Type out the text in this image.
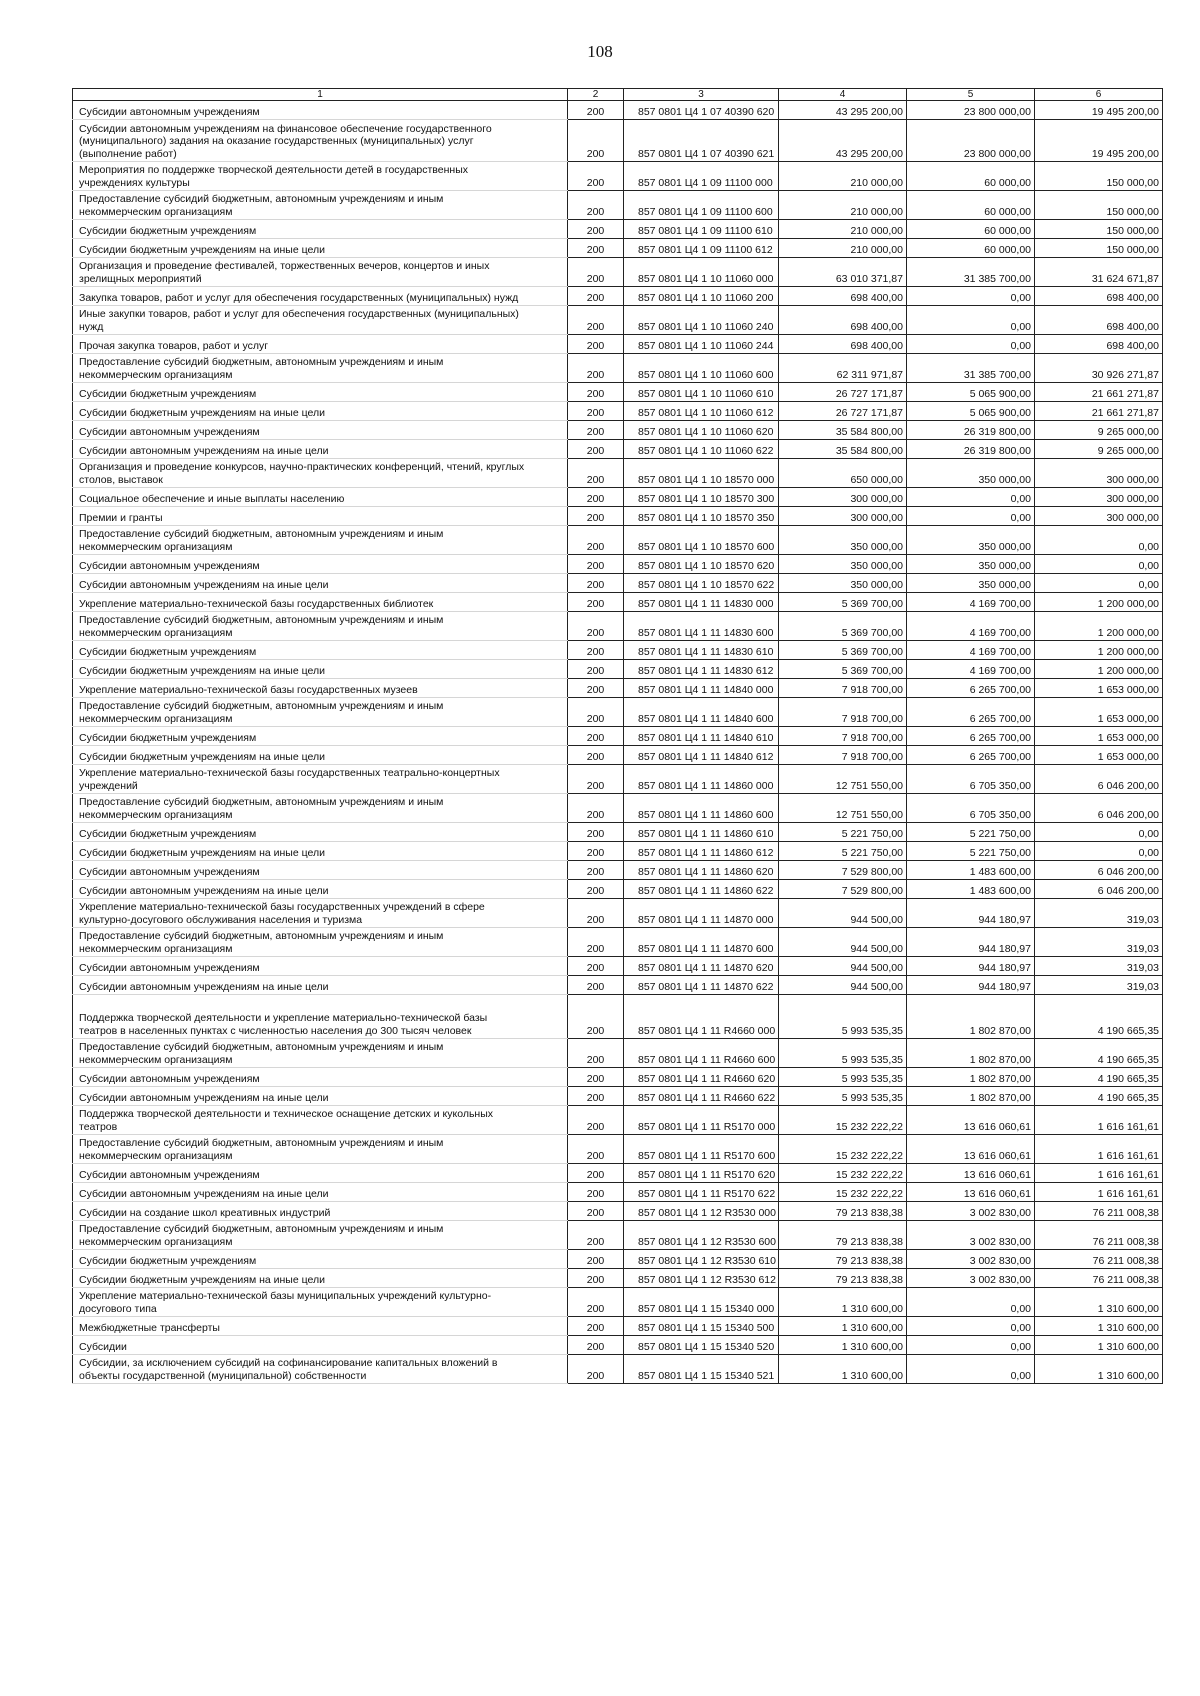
108
1	2	3	4	5	6

Субсидии автономным учреждениям	200	857 0801 Ц4 1 07 40390 620	43 295 200,00	23 800 000,00	19 495 200,00

Субсидии автономным учреждениям на финансовое обеспечение государственного
(муниципального) задания на оказание государственных (муниципальных) услуг
(выполнение работ)	200	857 0801 Ц4 1 07 40390 621	43 295 200,00	23 800 000,00	19 495 200,00

Мероприятия по поддержке творческой деятельности детей в государственных
учреждениях культуры	200	857 0801 Ц4 1 09 11100 000	210 000,00	60 000,00	150 000,00

Предоставление субсидий бюджетным, автономным учреждениям и иным
некоммерческим организациям	200	857 0801 Ц4 1 09 11100 600	210 000,00	60 000,00	150 000,00

Субсидии бюджетным учреждениям	200	857 0801 Ц4 1 09 11100 610	210 000,00	60 000,00	150 000,00

Субсидии бюджетным учреждениям на иные цели	200	857 0801 Ц4 1 09 11100 612	210 000,00	60 000,00	150 000,00

Организация и проведение фестивалей, торжественных вечеров, концертов и иных
зрелищных мероприятий	200	857 0801 Ц4 1 10 11060 000	63 010 371,87	31 385 700,00	31 624 671,87

Закупка товаров, работ и услуг для обеспечения государственных (муниципальных) нужд	200	857 0801 Ц4 1 10 11060 200	698 400,00	0,00	698 400,00

Иные закупки товаров, работ и услуг для обеспечения государственных (муниципальных)
нужд	200	857 0801 Ц4 1 10 11060 240	698 400,00	0,00	698 400,00

Прочая закупка товаров, работ и услуг	200	857 0801 Ц4 1 10 11060 244	698 400,00	0,00	698 400,00

Предоставление субсидий бюджетным, автономным учреждениям и иным
некоммерческим организациям	200	857 0801 Ц4 1 10 11060 600	62 311 971,87	31 385 700,00	30 926 271,87

Субсидии бюджетным учреждениям	200	857 0801 Ц4 1 10 11060 610	26 727 171,87	5 065 900,00	21 661 271,87

Субсидии бюджетным учреждениям на иные цели	200	857 0801 Ц4 1 10 11060 612	26 727 171,87	5 065 900,00	21 661 271,87

Субсидии автономным учреждениям	200	857 0801 Ц4 1 10 11060 620	35 584 800,00	26 319 800,00	9 265 000,00

Субсидии автономным учреждениям на иные цели	200	857 0801 Ц4 1 10 11060 622	35 584 800,00	26 319 800,00	9 265 000,00

Организация и проведение конкурсов, научно-практических конференций, чтений, круглых
столов, выставок	200	857 0801 Ц4 1 10 18570 000	650 000,00	350 000,00	300 000,00

Социальное обеспечение и иные выплаты населению	200	857 0801 Ц4 1 10 18570 300	300 000,00	0,00	300 000,00

Премии и гранты	200	857 0801 Ц4 1 10 18570 350	300 000,00	0,00	300 000,00

Предоставление субсидий бюджетным, автономным учреждениям и иным
некоммерческим организациям	200	857 0801 Ц4 1 10 18570 600	350 000,00	350 000,00	0,00

Субсидии автономным учреждениям	200	857 0801 Ц4 1 10 18570 620	350 000,00	350 000,00	0,00

Субсидии автономным учреждениям на иные цели	200	857 0801 Ц4 1 10 18570 622	350 000,00	350 000,00	0,00

Укрепление материально-технической базы государственных библиотек	200	857 0801 Ц4 1 11 14830 000	5 369 700,00	4 169 700,00	1 200 000,00

Предоставление субсидий бюджетным, автономным учреждениям и иным
некоммерческим организациям	200	857 0801 Ц4 1 11 14830 600	5 369 700,00	4 169 700,00	1 200 000,00

Субсидии бюджетным учреждениям	200	857 0801 Ц4 1 11 14830 610	5 369 700,00	4 169 700,00	1 200 000,00

Субсидии бюджетным учреждениям на иные цели	200	857 0801 Ц4 1 11 14830 612	5 369 700,00	4 169 700,00	1 200 000,00

Укрепление материально-технической базы государственных музеев	200	857 0801 Ц4 1 11 14840 000	7 918 700,00	6 265 700,00	1 653 000,00

Предоставление субсидий бюджетным, автономным учреждениям и иным
некоммерческим организациям	200	857 0801 Ц4 1 11 14840 600	7 918 700,00	6 265 700,00	1 653 000,00

Субсидии бюджетным учреждениям	200	857 0801 Ц4 1 11 14840 610	7 918 700,00	6 265 700,00	1 653 000,00

Субсидии бюджетным учреждениям на иные цели	200	857 0801 Ц4 1 11 14840 612	7 918 700,00	6 265 700,00	1 653 000,00

Укрепление материально-технической базы государственных театрально-концертных
учреждений	200	857 0801 Ц4 1 11 14860 000	12 751 550,00	6 705 350,00	6 046 200,00

Предоставление субсидий бюджетным, автономным учреждениям и иным
некоммерческим организациям	200	857 0801 Ц4 1 11 14860 600	12 751 550,00	6 705 350,00	6 046 200,00

Субсидии бюджетным учреждениям	200	857 0801 Ц4 1 11 14860 610	5 221 750,00	5 221 750,00	0,00

Субсидии бюджетным учреждениям на иные цели	200	857 0801 Ц4 1 11 14860 612	5 221 750,00	5 221 750,00	0,00

Субсидии автономным учреждениям	200	857 0801 Ц4 1 11 14860 620	7 529 800,00	1 483 600,00	6 046 200,00

Субсидии автономным учреждениям на иные цели	200	857 0801 Ц4 1 11 14860 622	7 529 800,00	1 483 600,00	6 046 200,00

Укрепление материально-технической базы государственных учреждений в сфере
культурно-досугового обслуживания населения и туризма	200	857 0801 Ц4 1 11 14870 000	944 500,00	944 180,97	319,03

Предоставление субсидий бюджетным, автономным учреждениям и иным
некоммерческим организациям	200	857 0801 Ц4 1 11 14870 600	944 500,00	944 180,97	319,03

Субсидии автономным учреждениям	200	857 0801 Ц4 1 11 14870 620	944 500,00	944 180,97	319,03

Субсидии автономным учреждениям на иные цели	200	857 0801 Ц4 1 11 14870 622	944 500,00	944 180,97	319,03

Поддержка творческой деятельности и укрепление материально-технической базы
театров в населенных пунктах с численностью населения до 300 тысяч человек	200	857 0801 Ц4 1 11 R4660 000	5 993 535,35	1 802 870,00	4 190 665,35

Предоставление субсидий бюджетным, автономным учреждениям и иным
некоммерческим организациям	200	857 0801 Ц4 1 11 R4660 600	5 993 535,35	1 802 870,00	4 190 665,35

Субсидии автономным учреждениям	200	857 0801 Ц4 1 11 R4660 620	5 993 535,35	1 802 870,00	4 190 665,35

Субсидии автономным учреждениям на иные цели	200	857 0801 Ц4 1 11 R4660 622	5 993 535,35	1 802 870,00	4 190 665,35

Поддержка творческой деятельности и техническое оснащение детских и кукольных
театров	200	857 0801 Ц4 1 11 R5170 000	15 232 222,22	13 616 060,61	1 616 161,61

Предоставление субсидий бюджетным, автономным учреждениям и иным
некоммерческим организациям	200	857 0801 Ц4 1 11 R5170 600	15 232 222,22	13 616 060,61	1 616 161,61

Субсидии автономным учреждениям	200	857 0801 Ц4 1 11 R5170 620	15 232 222,22	13 616 060,61	1 616 161,61

Субсидии автономным учреждениям на иные цели	200	857 0801 Ц4 1 11 R5170 622	15 232 222,22	13 616 060,61	1 616 161,61

Субсидии на создание школ креативных индустрий	200	857 0801 Ц4 1 12 R3530 000	79 213 838,38	3 002 830,00	76 211 008,38

Предоставление субсидий бюджетным, автономным учреждениям и иным
некоммерческим организациям	200	857 0801 Ц4 1 12 R3530 600	79 213 838,38	3 002 830,00	76 211 008,38

Субсидии бюджетным учреждениям	200	857 0801 Ц4 1 12 R3530 610	79 213 838,38	3 002 830,00	76 211 008,38

Субсидии бюджетным учреждениям на иные цели	200	857 0801 Ц4 1 12 R3530 612	79 213 838,38	3 002 830,00	76 211 008,38

Укрепление материально-технической базы муниципальных учреждений культурно-
досугового типа	200	857 0801 Ц4 1 15 15340 000	1 310 600,00	0,00	1 310 600,00

Межбюджетные трансферты	200	857 0801 Ц4 1 15 15340 500	1 310 600,00	0,00	1 310 600,00

Субсидии	200	857 0801 Ц4 1 15 15340 520	1 310 600,00	0,00	1 310 600,00

Субсидии, за исключением субсидий на софинансирование капитальных вложений в
объекты государственной (муниципальной) собственности	200	857 0801 Ц4 1 15 15340 521	1 310 600,00	0,00	1 310 600,00
